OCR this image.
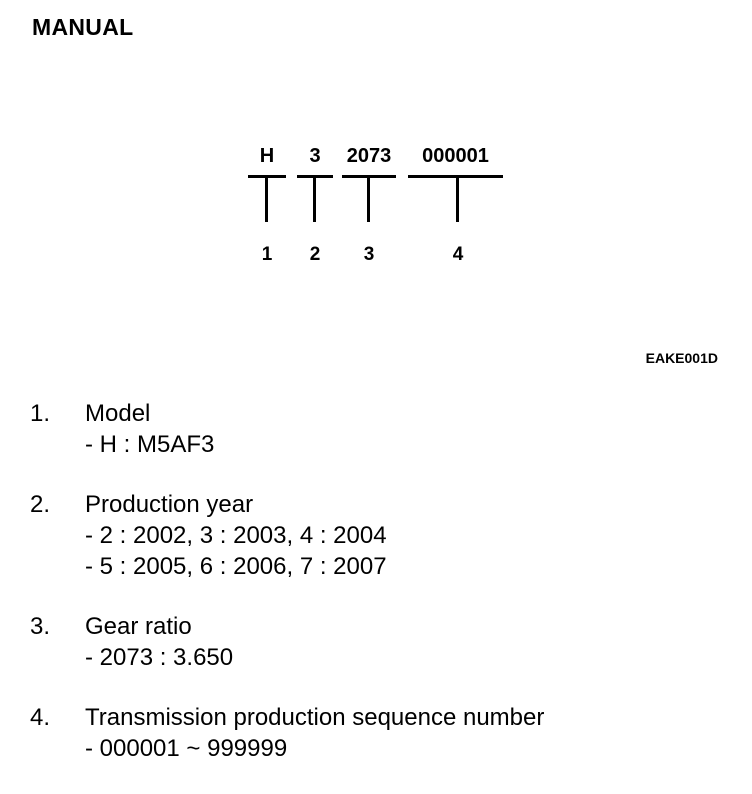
MANUAL
H	3	2073	000001
1	2	3	4
EAKE001D
1. Model
- H : M5AF3
2. Production year
- 2 : 2002, 3 : 2003, 4 : 2004
- 5 : 2005, 6 : 2006, 7 : 2007
3. Gear ratio
- 2073 : 3.650
4. Transmission production sequence number
- 000001 ~ 999999
